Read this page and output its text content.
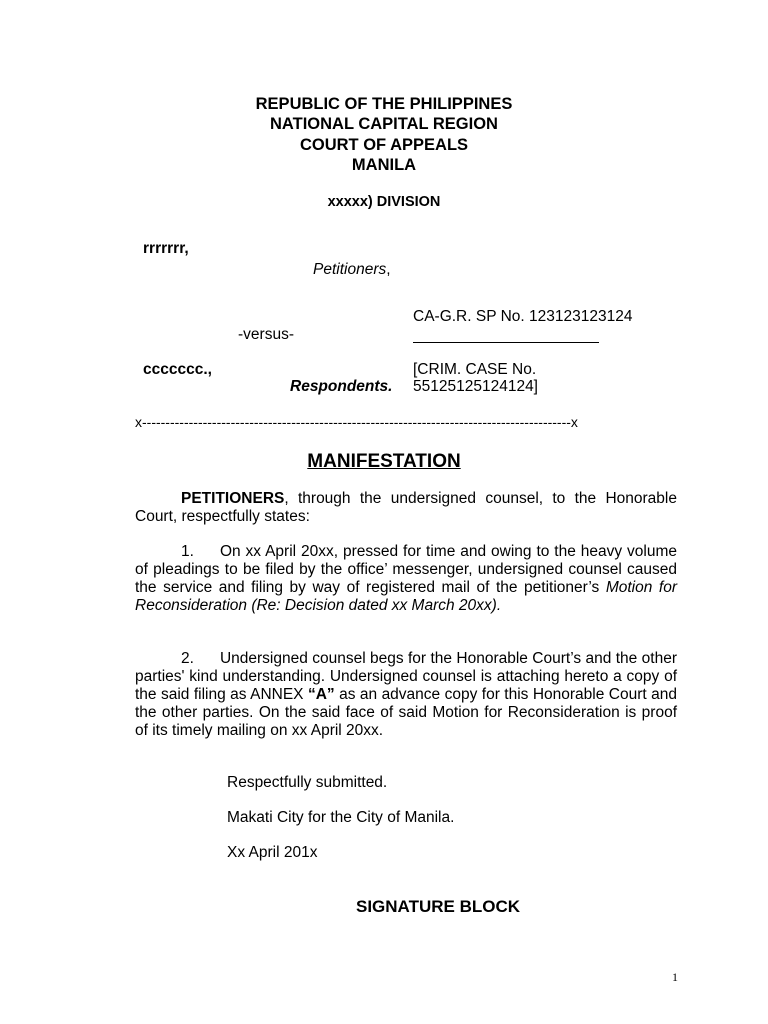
REPUBLIC OF THE PHILIPPINES
NATIONAL CAPITAL REGION
COURT OF APPEALS
MANILA
xxxxx) DIVISION
rrrrrrr,
Petitioners,
CA-G.R. SP No. 123123123124
-versus-
ccccccc.,
Respondents.
[CRIM. CASE No.
55125125124124]
x--------------------------------------------------------------------------------------------x
MANIFESTATION
PETITIONERS, through the undersigned counsel, to the Honorable Court, respectfully states:
1. On xx April 20xx, pressed for time and owing to the heavy volume of pleadings to be filed by the office’ messenger, undersigned counsel caused the service and filing by way of registered mail of the petitioner’s Motion for Reconsideration (Re: Decision dated xx March 20xx).
2. Undersigned counsel begs for the Honorable Court’s and the other parties' kind understanding. Undersigned counsel is attaching hereto a copy of the said filing as ANNEX “A” as an advance copy for this Honorable Court and the other parties. On the said face of said Motion for Reconsideration is proof of its timely mailing on xx April 20xx.
Respectfully submitted.
Makati City for the City of Manila.
Xx April 201x
SIGNATURE BLOCK
1
